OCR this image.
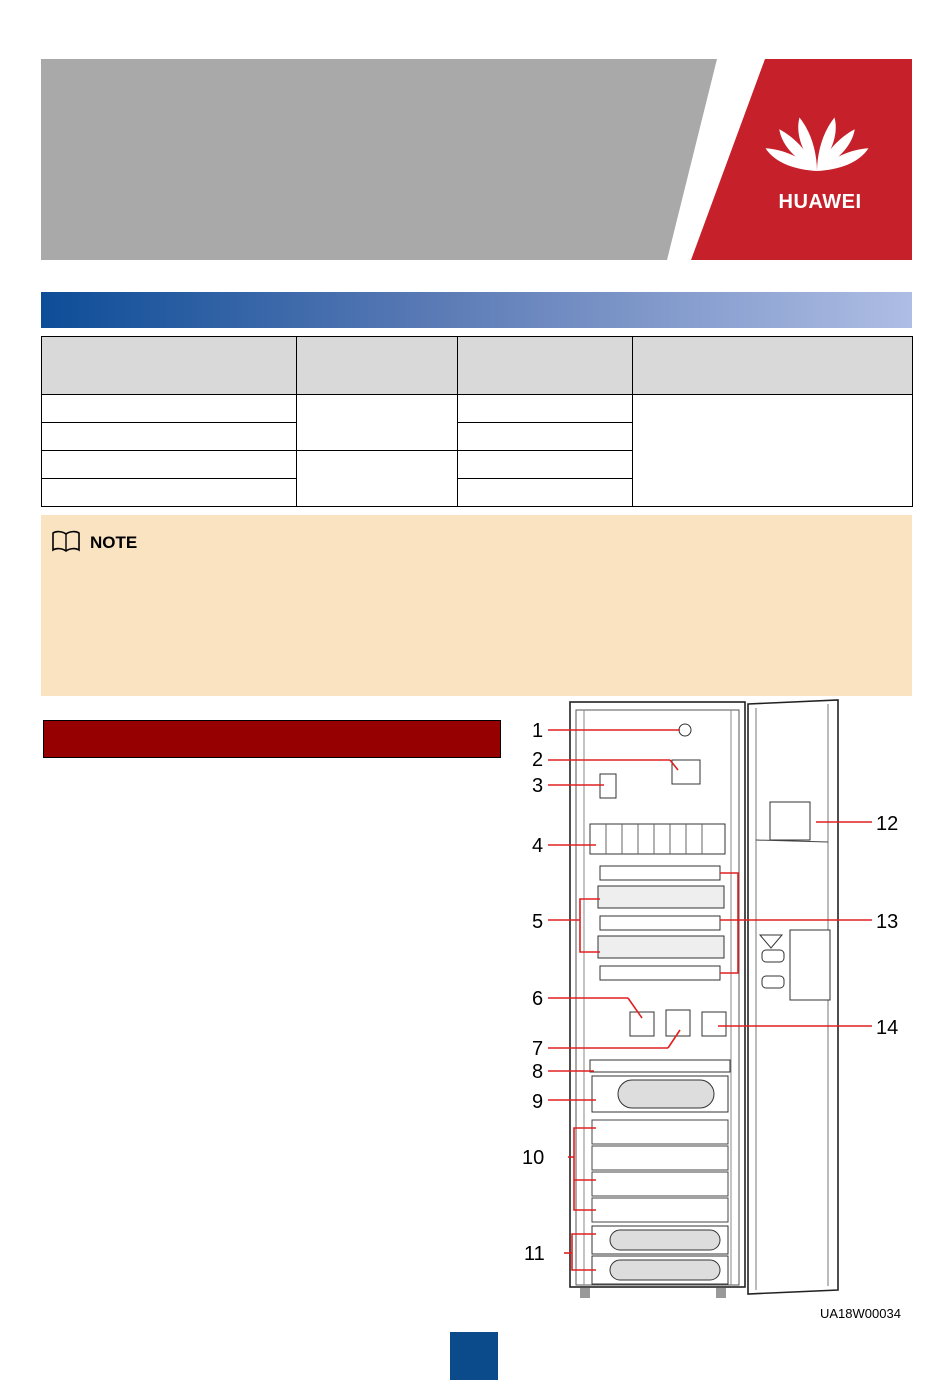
HUAWEI

NOTE
1
2
3
4
5
6
7
8
9
10
11
12
13
14
UA18W00034
